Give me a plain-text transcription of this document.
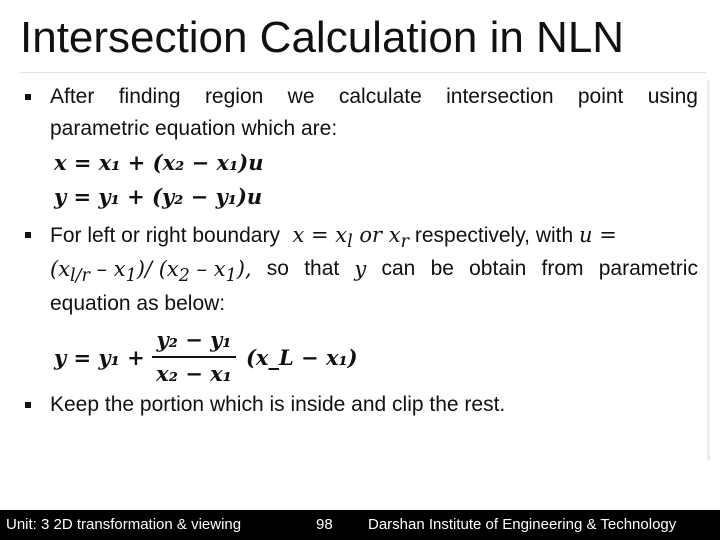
Intersection Calculation in NLN
After finding region we calculate intersection point using
parametric equation which are:
x = x₁ + (x₂ − x₁)u
y = y₁ + (y₂ − y₁)u
For left or right boundary $x = x_l$ or $x_r$ respectively, with u =
$(x_{l/r} - x_1)/$ $(x_2 - x_1)$, so that y can be obtain from parametric
equation as below:
y = y₁ +
y₂ − y₁
x₂ − x₁
(x_L − x₁)
Keep the portion which is inside and clip the rest.
Unit: 3 2D transformation & viewing	98 Darshan Institute of Engineering & Technology
